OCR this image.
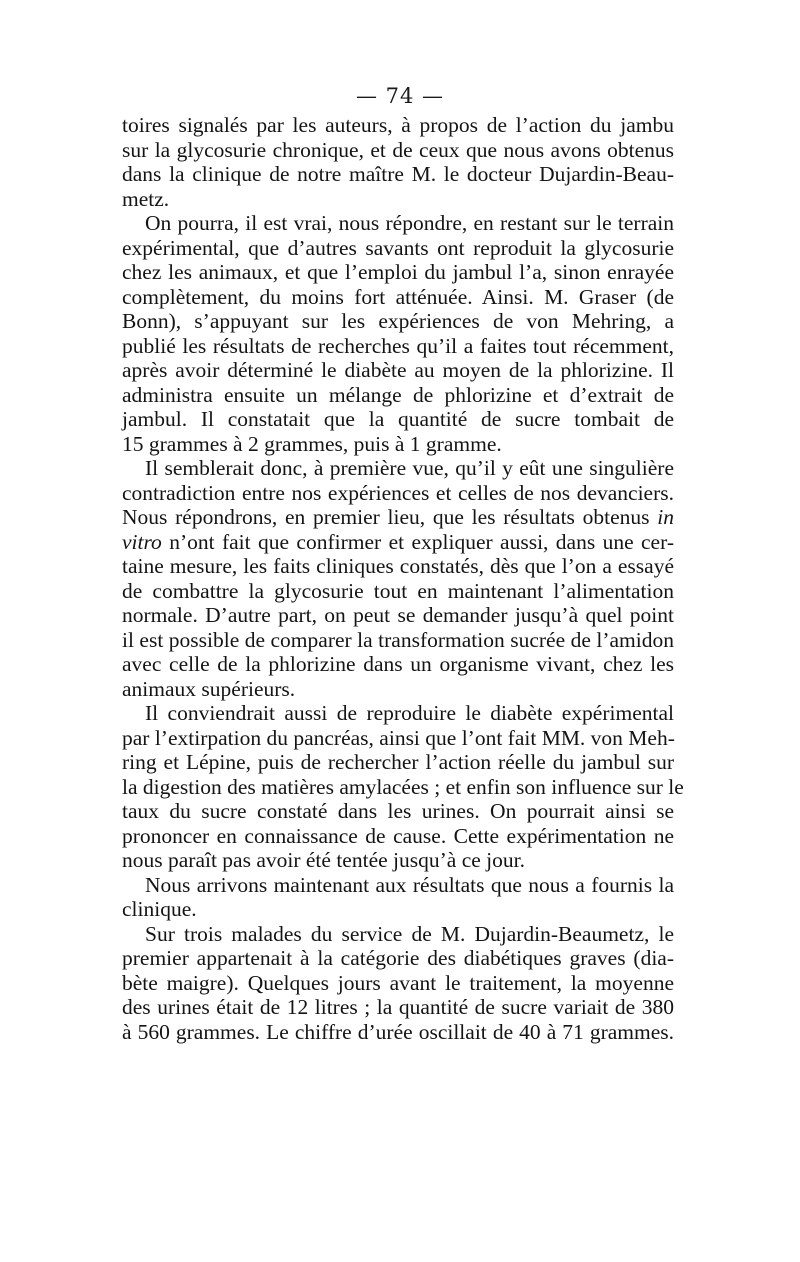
— 74 —
toires signalés par les auteurs, à propos de l’action du jambu
sur la glycosurie chronique, et de ceux que nous avons obtenus
dans la clinique de notre maître M. le docteur Dujardin-Beau-
metz.
On pourra, il est vrai, nous répondre, en restant sur le terrain
expérimental, que d’autres savants ont reproduit la glycosurie
chez les animaux, et que l’emploi du jambul l’a, sinon enrayée
complètement, du moins fort atténuée. Ainsi. M. Graser (de
Bonn), s’appuyant sur les expériences de von Mehring, a
publié les résultats de recherches qu’il a faites tout récemment,
après avoir déterminé le diabète au moyen de la phlorizine. Il
administra ensuite un mélange de phlorizine et d’extrait de
jambul. Il constatait que la quantité de sucre tombait de
15 grammes à 2 grammes, puis à 1 gramme.
Il semblerait donc, à première vue, qu’il y eût une singulière
contradiction entre nos expériences et celles de nos devanciers.
Nous répondrons, en premier lieu, que les résultats obtenus in
vitro n’ont fait que confirmer et expliquer aussi, dans une cer-
taine mesure, les faits cliniques constatés, dès que l’on a essayé
de combattre la glycosurie tout en maintenant l’alimentation
normale. D’autre part, on peut se demander jusqu’à quel point
il est possible de comparer la transformation sucrée de l’amidon
avec celle de la phlorizine dans un organisme vivant, chez les
animaux supérieurs.
Il conviendrait aussi de reproduire le diabète expérimental
par l’extirpation du pancréas, ainsi que l’ont fait MM. von Meh-
ring et Lépine, puis de rechercher l’action réelle du jambul sur
la digestion des matières amylacées ; et enfin son influence sur le
taux du sucre constaté dans les urines. On pourrait ainsi se
prononcer en connaissance de cause. Cette expérimentation ne
nous paraît pas avoir été tentée jusqu’à ce jour.
Nous arrivons maintenant aux résultats que nous a fournis la
clinique.
Sur trois malades du service de M. Dujardin-Beaumetz, le
premier appartenait à la catégorie des diabétiques graves (dia-
bète maigre). Quelques jours avant le traitement, la moyenne
des urines était de 12 litres ; la quantité de sucre variait de 380
à 560 grammes. Le chiffre d’urée oscillait de 40 à 71 grammes.
